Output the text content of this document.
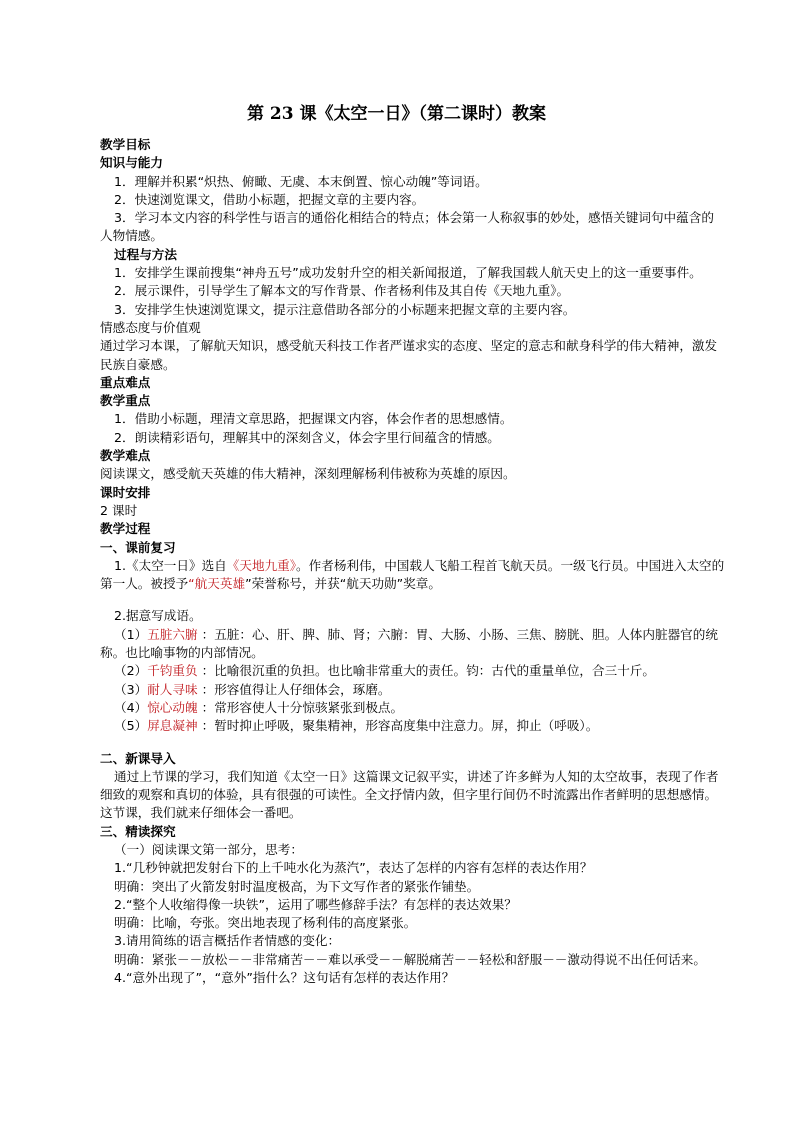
第 23 课《太空一日》（第二课时）教案
教学目标
知识与能力
1．理解并积累“炽热、俯瞰、无虞、本末倒置、惊心动魄”等词语。
2．快速浏览课文，借助小标题，把握文章的主要内容。
3．学习本文内容的科学性与语言的通俗化相结合的特点；体会第一人称叙事的妙处，感悟关键词句中蕴含的人物情感。
过程与方法
1．安排学生课前搜集“神舟五号”成功发射升空的相关新闻报道，了解我国载人航天史上的这一重要事件。
2．展示课件，引导学生了解本文的写作背景、作者杨利伟及其自传《天地九重》。
3．安排学生快速浏览课文，提示注意借助各部分的小标题来把握文章的主要内容。
情感态度与价值观
通过学习本课，了解航天知识，感受航天科技工作者严谨求实的态度、坚定的意志和献身科学的伟大精神，激发民族自豪感。
重点难点
教学重点
1．借助小标题，理清文章思路，把握课文内容，体会作者的思想感情。
2．朗读精彩语句，理解其中的深刻含义，体会字里行间蕴含的情感。
教学难点
阅读课文，感受航天英雄的伟大精神，深刻理解杨利伟被称为英雄的原因。
课时安排
2 课时
教学过程
一、课前复习
1.《太空一日》选自《天地九重》。作者杨利伟，中国载人飞船工程首飞航天员。一级飞行员。中国进入太空的第一人。被授予“航天英雄”荣誉称号，并获“航天功勋”奖章。
2.据意写成语。
（1）五脏六腑 ：五脏：心、肝、脾、肺、肾；六腑：胃、大肠、小肠、三焦、膀胱、胆。人体内脏器官的统称。也比喻事物的内部情况。
（2）千钧重负 ：比喻很沉重的负担。也比喻非常重大的责任。钧：古代的重量单位，合三十斤。
（3）耐人寻味 ：形容值得让人仔细体会，琢磨。
（4）惊心动魄 ：常形容使人十分惊骇紧张到极点。
（5）屏息凝神 ：暂时抑止呼吸，聚集精神，形容高度集中注意力。屏，抑止（呼吸）。
二、新课导入
通过上节课的学习，我们知道《太空一日》这篇课文记叙平实，讲述了许多鲜为人知的太空故事，表现了作者细致的观察和真切的体验，具有很强的可读性。全文抒情内敛，但字里行间仍不时流露出作者鲜明的思想感情。这节课，我们就来仔细体会一番吧。
三、精读探究
（一）阅读课文第一部分，思考：
1.“几秒钟就把发射台下的上千吨水化为蒸汽”，表达了怎样的内容有怎样的表达作用？
明确：突出了火箭发射时温度极高，为下文写作者的紧张作铺垫。
2.“整个人收缩得像一块铁”，运用了哪些修辞手法？有怎样的表达效果？
明确：比喻，夸张。突出地表现了杨利伟的高度紧张。
3.请用简练的语言概括作者情感的变化：
明确：紧张－－放松－－非常痛苦－－难以承受－－解脱痛苦－－轻松和舒服－－激动得说不出任何话来。
4.“意外出现了”，“意外”指什么？这句话有怎样的表达作用？
